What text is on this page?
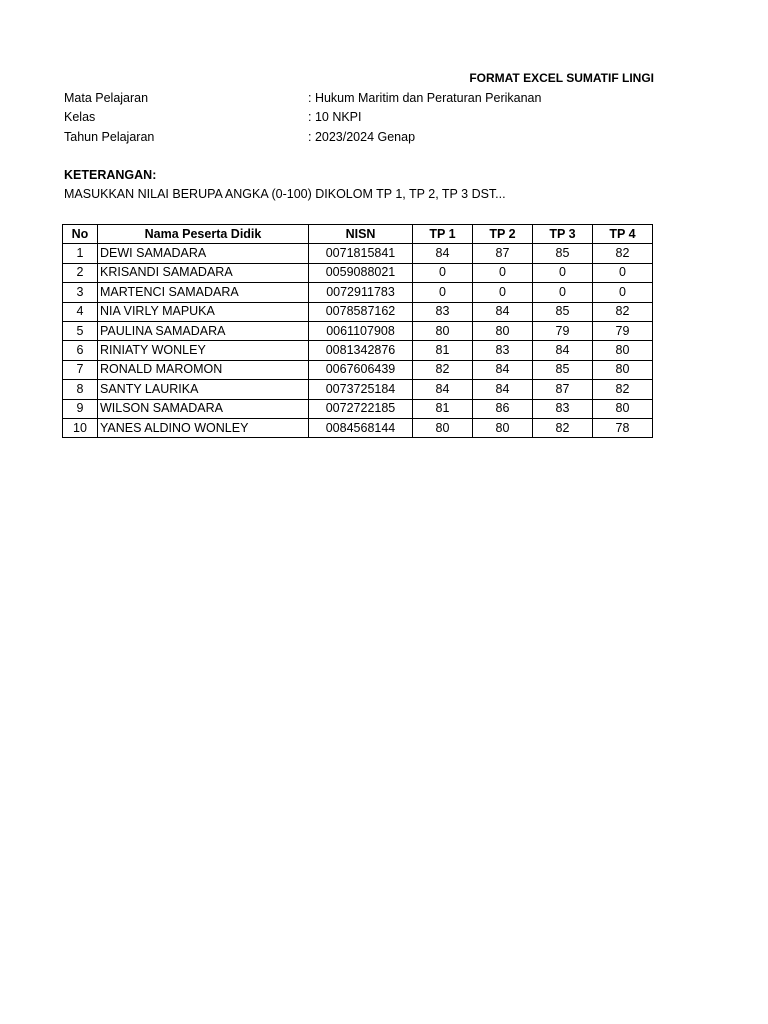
FORMAT EXCEL SUMATIF LINGI
Mata Pelajaran	: Hukum Maritim dan Peraturan Perikanan
Kelas	: 10 NKPI
Tahun Pelajaran	: 2023/2024 Genap
KETERANGAN:
MASUKKAN NILAI BERUPA ANGKA (0-100) DIKOLOM TP 1, TP 2, TP 3 DST...
No	Nama Peserta Didik	NISN	TP 1	TP 2	TP 3	TP 4
1	DEWI SAMADARA	0071815841	84	87	85	82
2	KRISANDI SAMADARA	0059088021	0	0	0	0
3	MARTENCI SAMADARA	0072911783	0	0	0	0
4	NIA VIRLY MAPUKA	0078587162	83	84	85	82
5	PAULINA SAMADARA	0061107908	80	80	79	79
6	RINIATY WONLEY	0081342876	81	83	84	80
7	RONALD MAROMON	0067606439	82	84	85	80
8	SANTY LAURIKA	0073725184	84	84	87	82
9	WILSON SAMADARA	0072722185	81	86	83	80
10	YANES ALDINO WONLEY	0084568144	80	80	82	78
